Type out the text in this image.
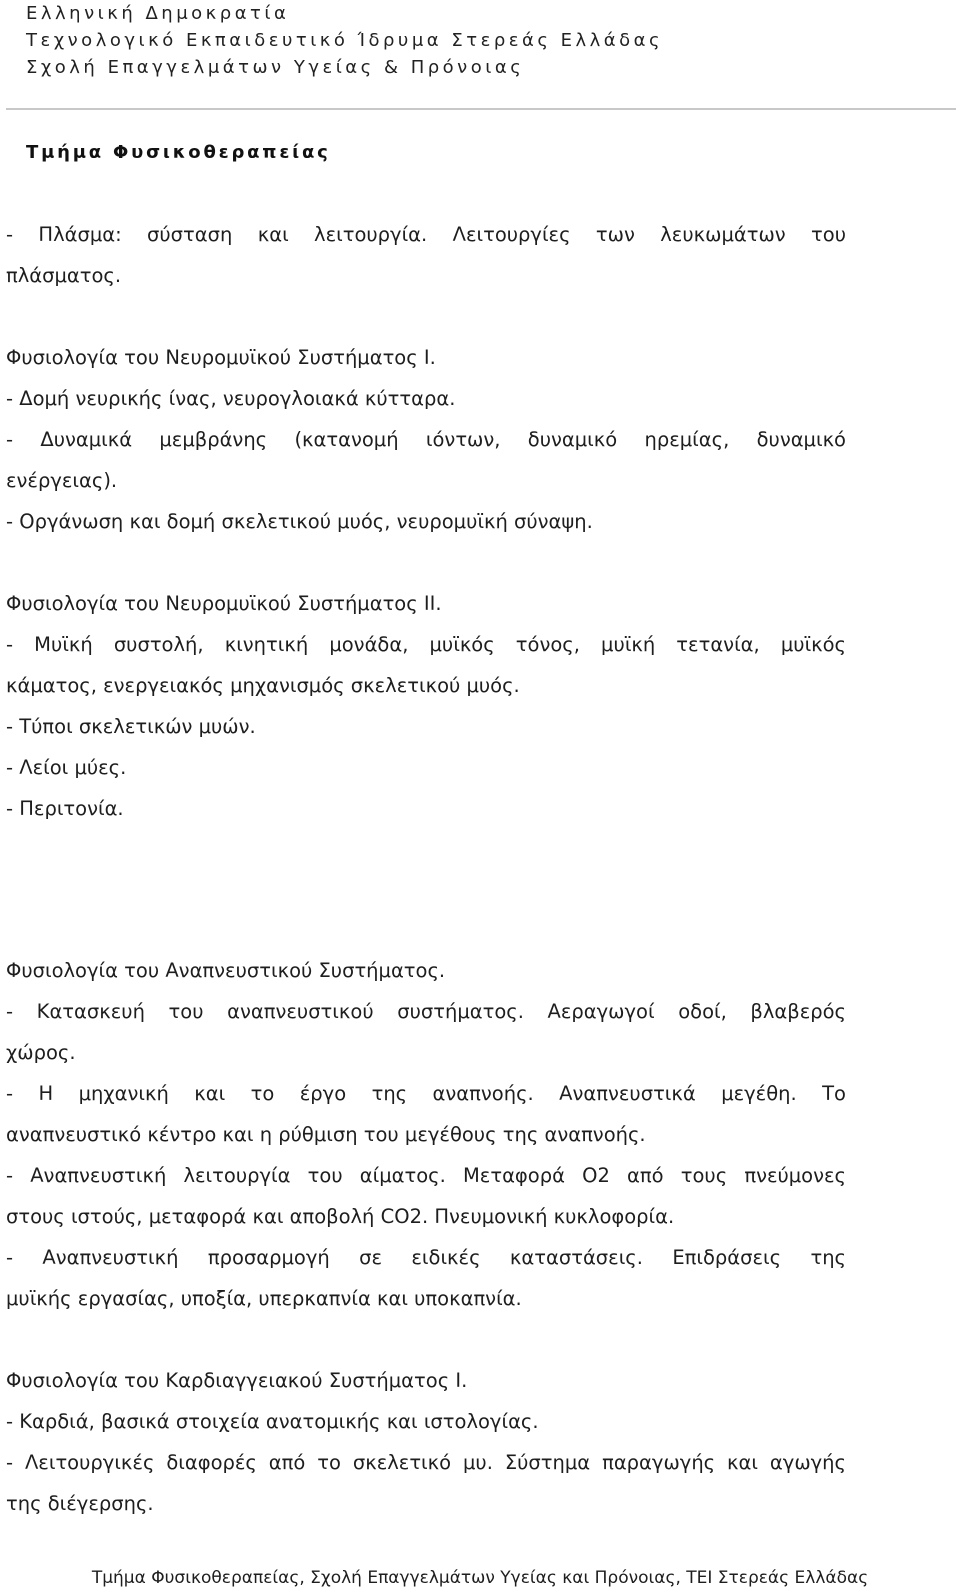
Ελληνική Δημοκρατία
Τεχνολογικό Εκπαιδευτικό Ίδρυμα Στερεάς Ελλάδας
Σχολή Επαγγελμάτων Υγείας & Πρόνοιας
Τμήμα Φυσικοθεραπείας
- Πλάσμα: σύσταση και λειτουργία. Λειτουργίες των λευκωμάτων του
πλάσματος.
Φυσιολογία του Νευρομυϊκού Συστήματος Ι.
- Δομή νευρικής ίνας, νευρογλοιακά κύτταρα.
- Δυναμικά μεμβράνης (κατανομή ιόντων, δυναμικό ηρεμίας, δυναμικό
ενέργειας).
- Οργάνωση και δομή σκελετικού μυός, νευρομυϊκή σύναψη.
Φυσιολογία του Νευρομυϊκού Συστήματος ΙΙ.
- Μυϊκή συστολή, κινητική μονάδα, μυϊκός τόνος, μυϊκή τετανία, μυϊκός
κάματος, ενεργειακός μηχανισμός σκελετικού μυός.
- Τύποι σκελετικών μυών.
- Λείοι μύες.
- Περιτονία.
Φυσιολογία του Αναπνευστικού Συστήματος.
- Κατασκευή του αναπνευστικού συστήματος. Αεραγωγοί οδοί, βλαβερός
χώρος.
- Η μηχανική και το έργο της αναπνοής. Αναπνευστικά μεγέθη. Το
αναπνευστικό κέντρο και η ρύθμιση του μεγέθους της αναπνοής.
- Αναπνευστική λειτουργία του αίματος. Μεταφορά Ο2 από τους πνεύμονες
στους ιστούς, μεταφορά και αποβολή CO2. Πνευμονική κυκλοφορία.
- Αναπνευστική προσαρμογή σε ειδικές καταστάσεις. Επιδράσεις της
μυϊκής εργασίας, υποξία, υπερκαπνία και υποκαπνία.
Φυσιολογία του Καρδιαγγειακού Συστήματος Ι.
- Καρδιά, βασικά στοιχεία ανατομικής και ιστολογίας.
- Λειτουργικές διαφορές από το σκελετικό μυ. Σύστημα παραγωγής και αγωγής
της διέγερσης.
Τμήμα Φυσικοθεραπείας, Σχολή Επαγγελμάτων Υγείας και Πρόνοιας, ΤΕΙ Στερεάς Ελλάδας
